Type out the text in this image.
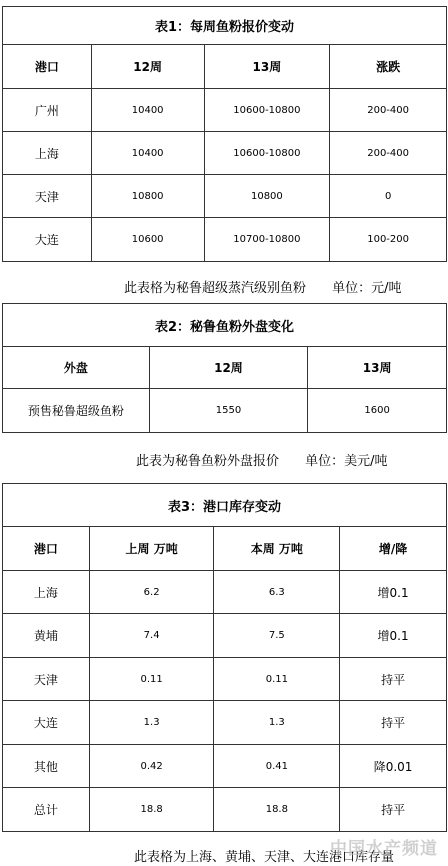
表1：每周鱼粉报价变动			
港口	12周	13周	涨跌
广州	10400	10600-10800	200-400
上海	10400	10600-10800	200-400
天津	10800	10800	0
大连	10600	10700-10800	100-200
此表格为秘鲁超级蒸汽级别鱼粉 单位：元/吨
表2：秘鲁鱼粉外盘变化		
外盘	12周	13周
预售秘鲁超级鱼粉	1550	1600
此表为秘鲁鱼粉外盘报价 单位：美元/吨
表3：港口库存变动			
港口	上周 万吨	本周 万吨	增/降
上海	6.2	6.3	增0.1
黄埔	7.4	7.5	增0.1
天津	0.11	0.11	持平
大连	1.3	1.3	持平
其他	0.42	0.41	降0.01
总计	18.8	18.8	持平
此表格为上海、黄埔、天津、大连港口库存量
中国水产频道
